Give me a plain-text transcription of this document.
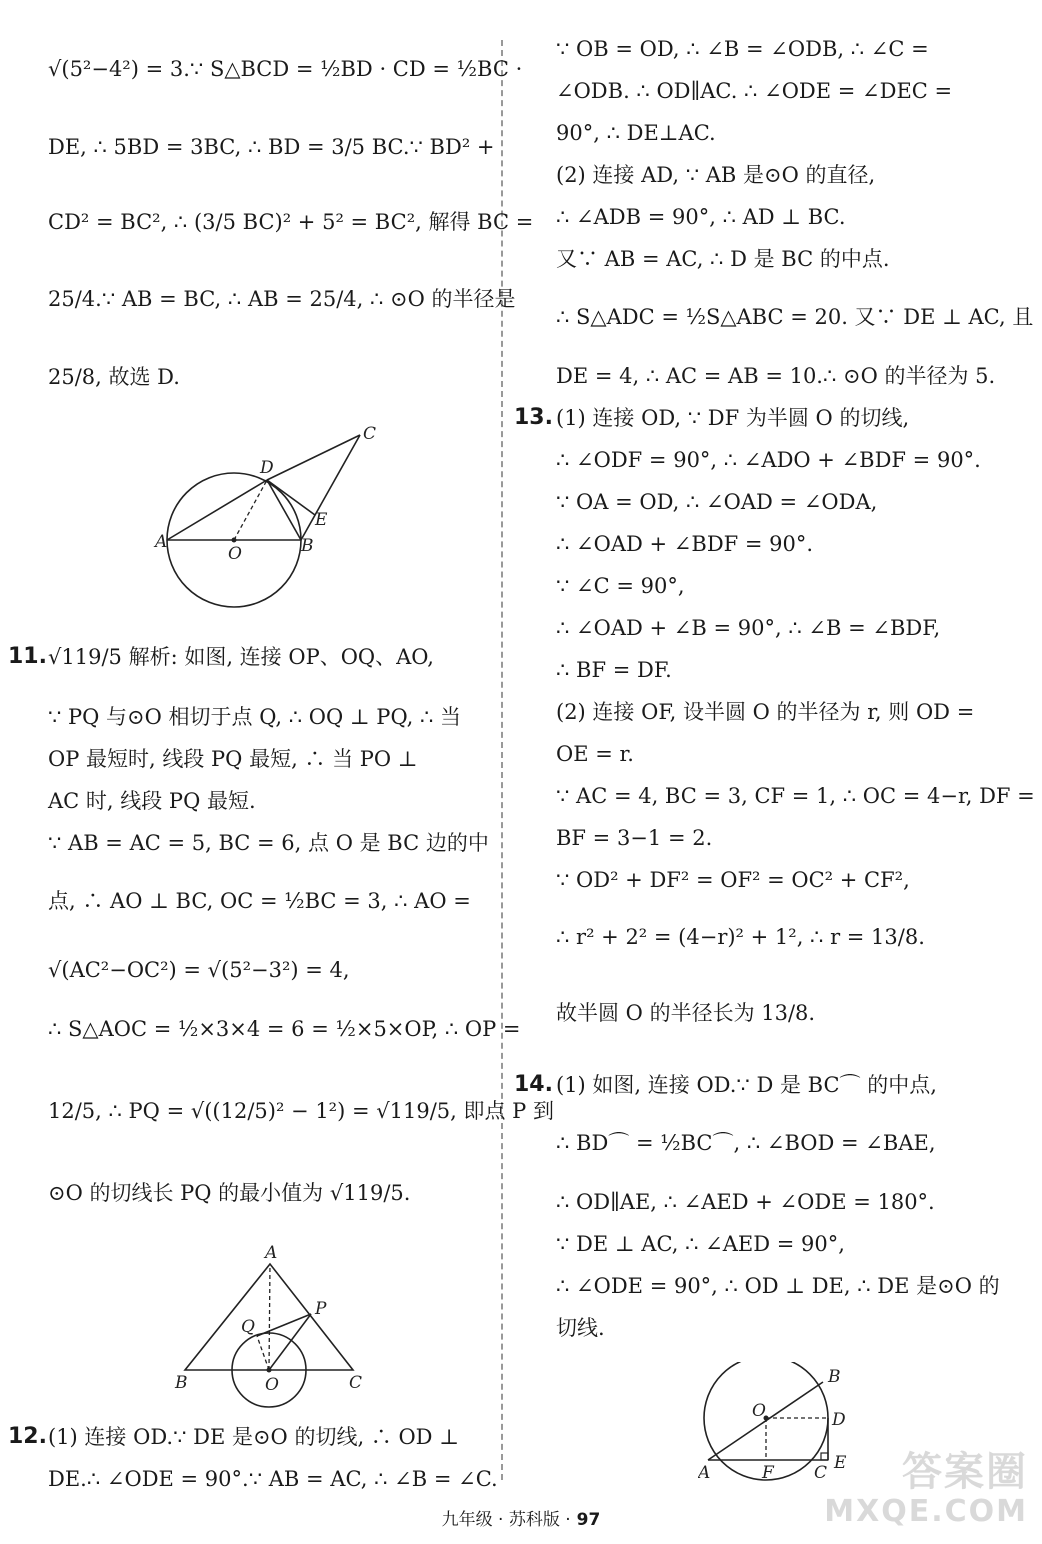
√(5²−4²) = 3.∵ S△BCD = ½BD · CD = ½BC ·
DE, ∴ 5BD = 3BC, ∴ BD = 3/5 BC.∵ BD² +
CD² = BC², ∴ (3/5 BC)² + 5² = BC², 解得 BC =
25/4.∵ AB = BC, ∴ AB = 25/4, ∴ ⊙O 的半径是
25/8, 故选 D.
A	B
C
D
E
O
11. √119/5 解析: 如图, 连接 OP、OQ、AO,
∵ PQ 与⊙O 相切于点 Q, ∴ OQ ⊥ PQ, ∴ 当
OP 最短时, 线段 PQ 最短, ∴ 当 PO ⊥
AC 时, 线段 PQ 最短.
∵ AB = AC = 5, BC = 6, 点 O 是 BC 边的中
点, ∴ AO ⊥ BC, OC = ½BC = 3, ∴ AO =
√(AC²−OC²) = √(5²−3²) = 4,
∴ S△AOC = ½×3×4 = 6 = ½×5×OP, ∴ OP =
12/5, ∴ PQ = √((12/5)² − 1²) = √119/5, 即点 P 到
⊙O 的切线长 PQ 的最小值为 √119/5.
A
B	C
O
P
Q
12. (1) 连接 OD.∵ DE 是⊙O 的切线, ∴ OD ⊥
DE.∴ ∠ODE = 90°.∵ AB = AC, ∴ ∠B = ∠C.
∵ OB = OD, ∴ ∠B = ∠ODB, ∴ ∠C =
∠ODB. ∴ OD∥AC. ∴ ∠ODE = ∠DEC =
90°, ∴ DE⊥AC.
(2) 连接 AD, ∵ AB 是⊙O 的直径,
∴ ∠ADB = 90°, ∴ AD ⊥ BC.
又∵ AB = AC, ∴ D 是 BC 的中点.
∴ S△ADC = ½S△ABC = 20. 又∵ DE ⊥ AC, 且
DE = 4, ∴ AC = AB = 10.∴ ⊙O 的半径为 5.
13. (1) 连接 OD, ∵ DF 为半圆 O 的切线,
∴ ∠ODF = 90°, ∴ ∠ADO + ∠BDF = 90°.
∵ OA = OD, ∴ ∠OAD = ∠ODA,
∴ ∠OAD + ∠BDF = 90°.
∵ ∠C = 90°,
∴ ∠OAD + ∠B = 90°, ∴ ∠B = ∠BDF,
∴ BF = DF.
(2) 连接 OF, 设半圆 O 的半径为 r, 则 OD =
OE = r.
∵ AC = 4, BC = 3, CF = 1, ∴ OC = 4−r, DF =
BF = 3−1 = 2.
∵ OD² + DF² = OF² = OC² + CF²,
∴ r² + 2² = (4−r)² + 1², ∴ r = 13/8.
故半圆 O 的半径长为 13/8.
14. (1) 如图, 连接 OD.∵ D 是 BC⌒ 的中点,
∴ BD⌒ = ½BC⌒, ∴ ∠BOD = ∠BAE,
∴ OD∥AE, ∴ ∠AED + ∠ODE = 180°.
∵ DE ⊥ AC, ∴ ∠AED = 90°,
∴ ∠ODE = 90°, ∴ OD ⊥ DE, ∴ DE 是⊙O 的
切线.
A
B
C
D
E
F
O
九年级 · 苏科版 · 97
答案圈
MXQE.COM
